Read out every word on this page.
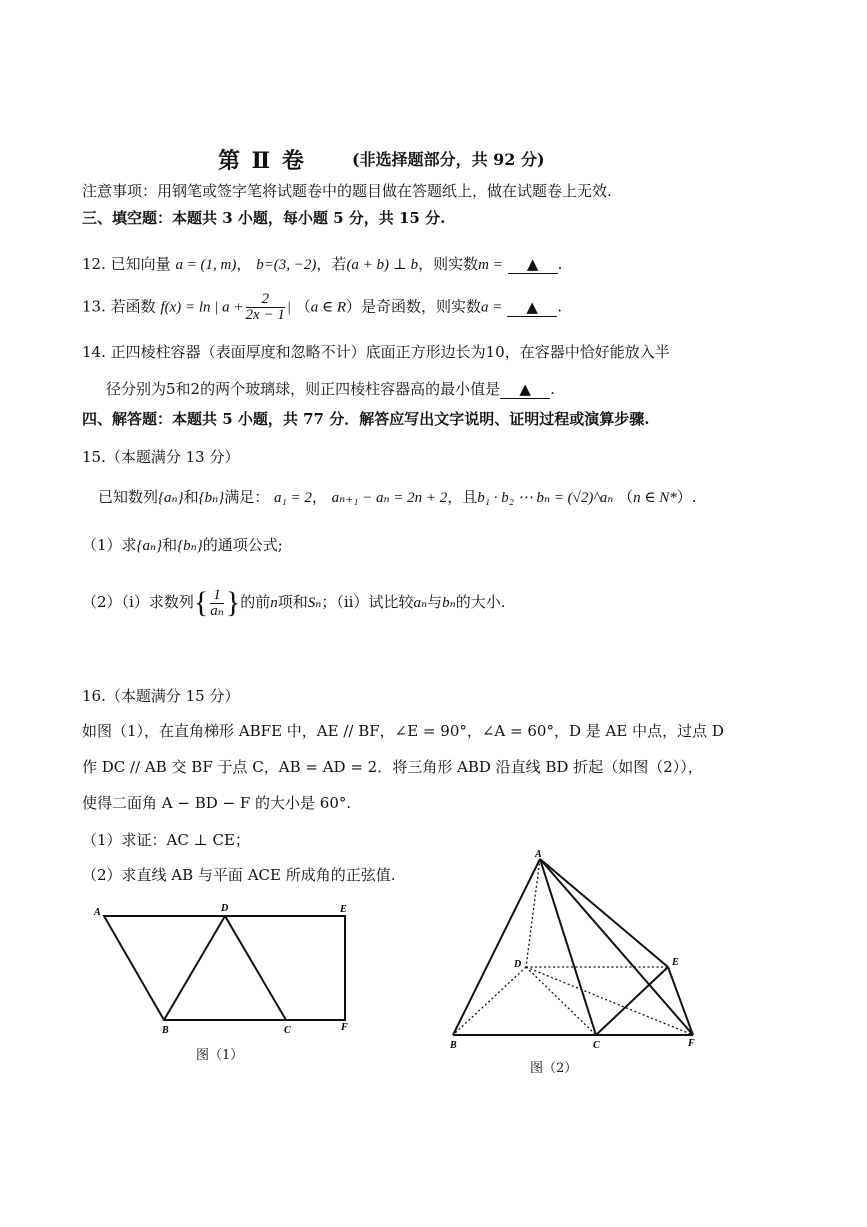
第 Ⅱ 卷	(非选择题部分，共 92 分)
注意事项：用钢笔或签字笔将试题卷中的题目做在答题纸上，做在试题卷上无效.
三、填空题：本题共 3 小题，每小题 5 分，共 15 分.
12. 已知向量 a = (1, m)， b=(3, −2)，若(a + b) ⊥ b，则实数m = ▲ .
13. 若函数 f(x) = ln | $a + \frac{2}{2x - 1}$ | （a ∈ R）是奇函数，则实数a = ▲ .
14. 正四棱柱容器（表面厚度和忽略不计）底面正方形边长为10，在容器中恰好能放入半
径分别为5和2的两个玻璃球，则正四棱柱容器高的最小值是 ▲ .
四、解答题：本题共 5 小题，共 77 分．解答应写出文字说明、证明过程或演算步骤.
15.（本题满分 13 分）
已知数列{aₙ}和{bₙ}满足： a₁ = 2， aₙ₊₁ − aₙ = 2n + 2，且b₁ · b₂ ⋯ bₙ = (√2)^aₙ （n ∈ N*）.
（1）求{aₙ}和{bₙ}的通项公式;
（2）（i）求数列{ $\frac{1}{\text{aₙ}}$ }的前n项和Sₙ；（ii）试比较aₙ与bₙ的大小.
16.（本题满分 15 分）
如图（1），在直角梯形 ABFE 中，AE // BF，∠E = 90°，∠A = 60°，D 是 AE 中点，过点 D
作 DC // AB 交 BF 于点 C，AB = AD = 2．将三角形 ABD 沿直线 BD 折起（如图（2）），
使得二面角 A − BD − F 的大小是 60°.
（1）求证：AC ⊥ CE；
（2）求直线 AB 与平面 ACE 所成角的正弦值.
A	D	E
B	C	F
图（1）
A
D	E
B	C	F
图（2）
